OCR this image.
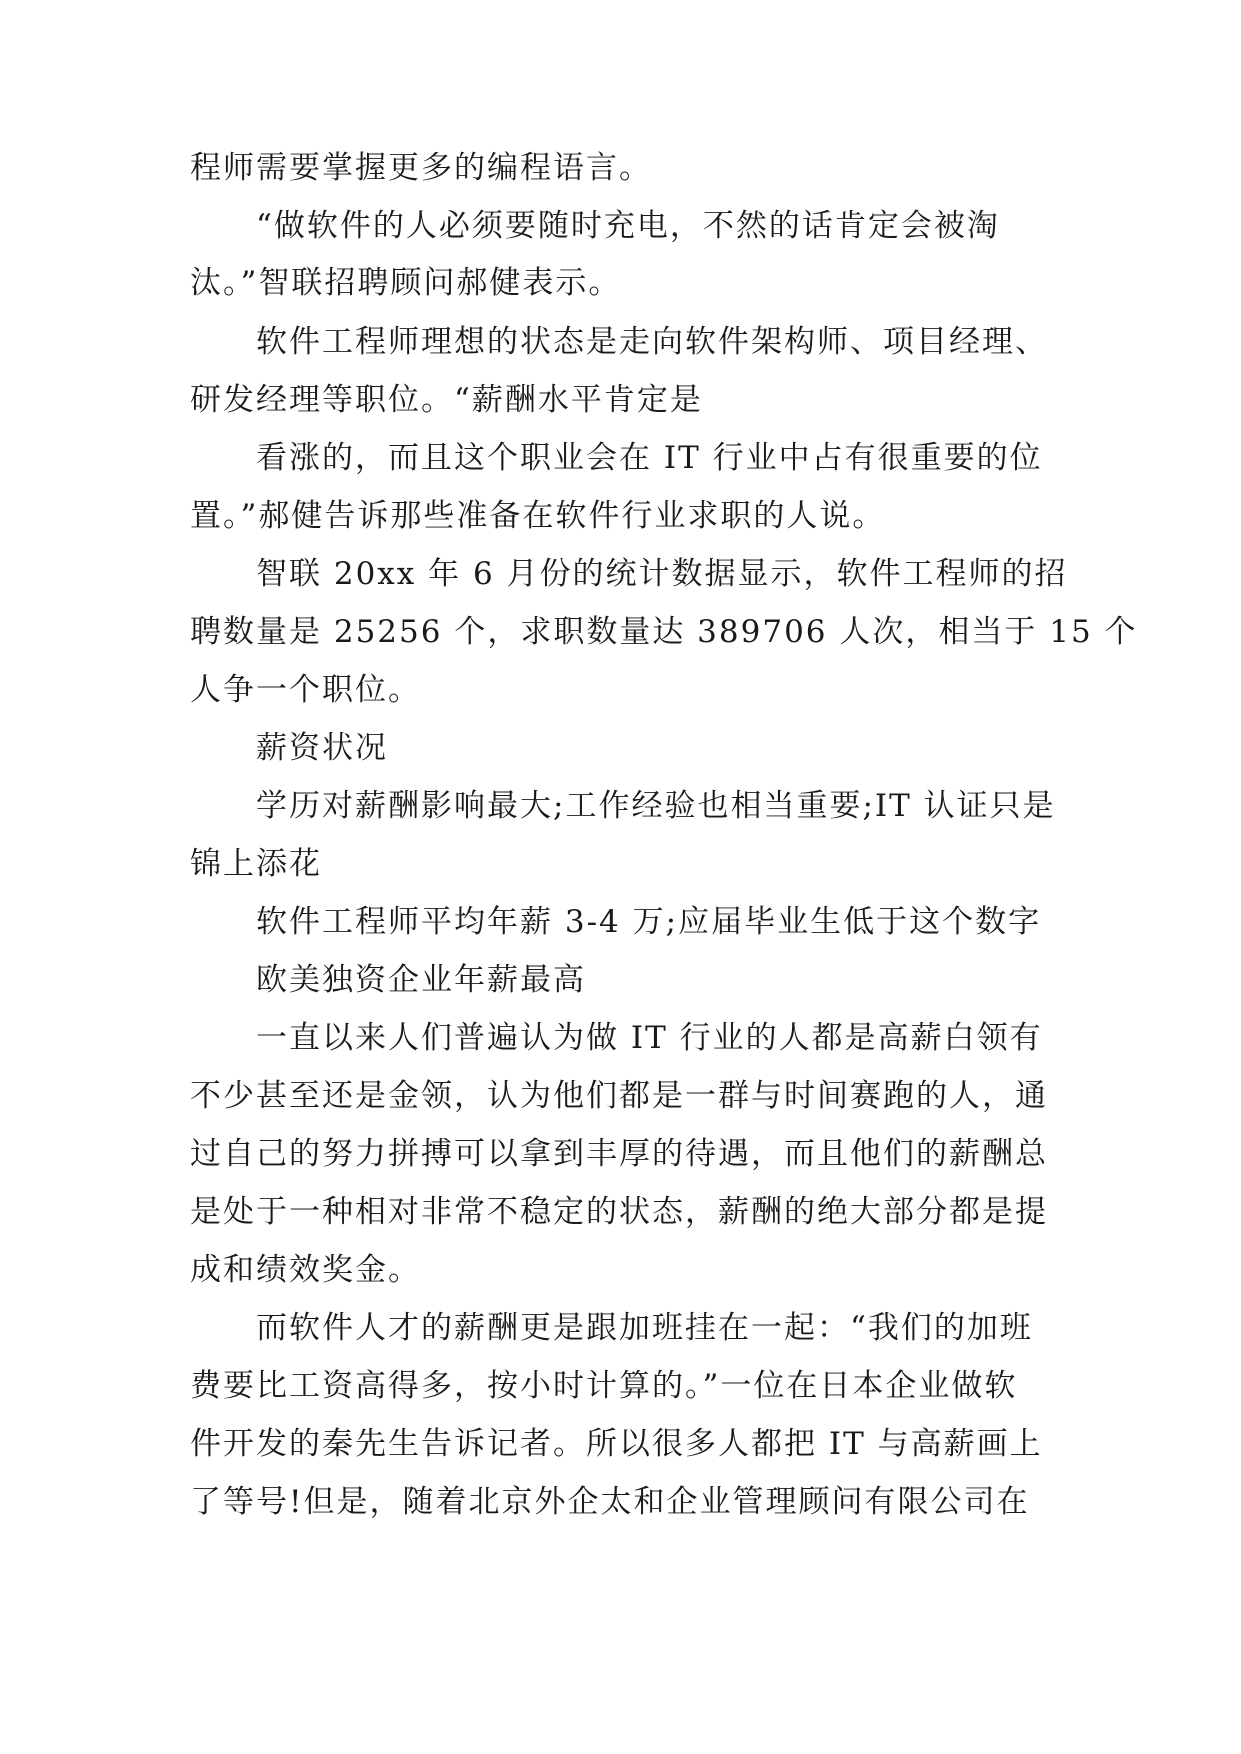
程师需要掌握更多的编程语言。
“做软件的人必须要随时充电，不然的话肯定会被淘
汰。”智联招聘顾问郝健表示。
软件工程师理想的状态是走向软件架构师、项目经理、
研发经理等职位。“薪酬水平肯定是
看涨的，而且这个职业会在 IT 行业中占有很重要的位
置。”郝健告诉那些准备在软件行业求职的人说。
智联 20xx 年 6 月份的统计数据显示，软件工程师的招
聘数量是 25256 个，求职数量达 389706 人次，相当于 15 个
人争一个职位。
薪资状况
学历对薪酬影响最大;工作经验也相当重要;IT 认证只是
锦上添花
软件工程师平均年薪 3-4 万;应届毕业生低于这个数字
欧美独资企业年薪最高
一直以来人们普遍认为做 IT 行业的人都是高薪白领有
不少甚至还是金领，认为他们都是一群与时间赛跑的人，通
过自己的努力拼搏可以拿到丰厚的待遇，而且他们的薪酬总
是处于一种相对非常不稳定的状态，薪酬的绝大部分都是提
成和绩效奖金。
而软件人才的薪酬更是跟加班挂在一起：“我们的加班
费要比工资高得多，按小时计算的。”一位在日本企业做软
件开发的秦先生告诉记者。所以很多人都把 IT 与高薪画上
了等号!但是，随着北京外企太和企业管理顾问有限公司在
